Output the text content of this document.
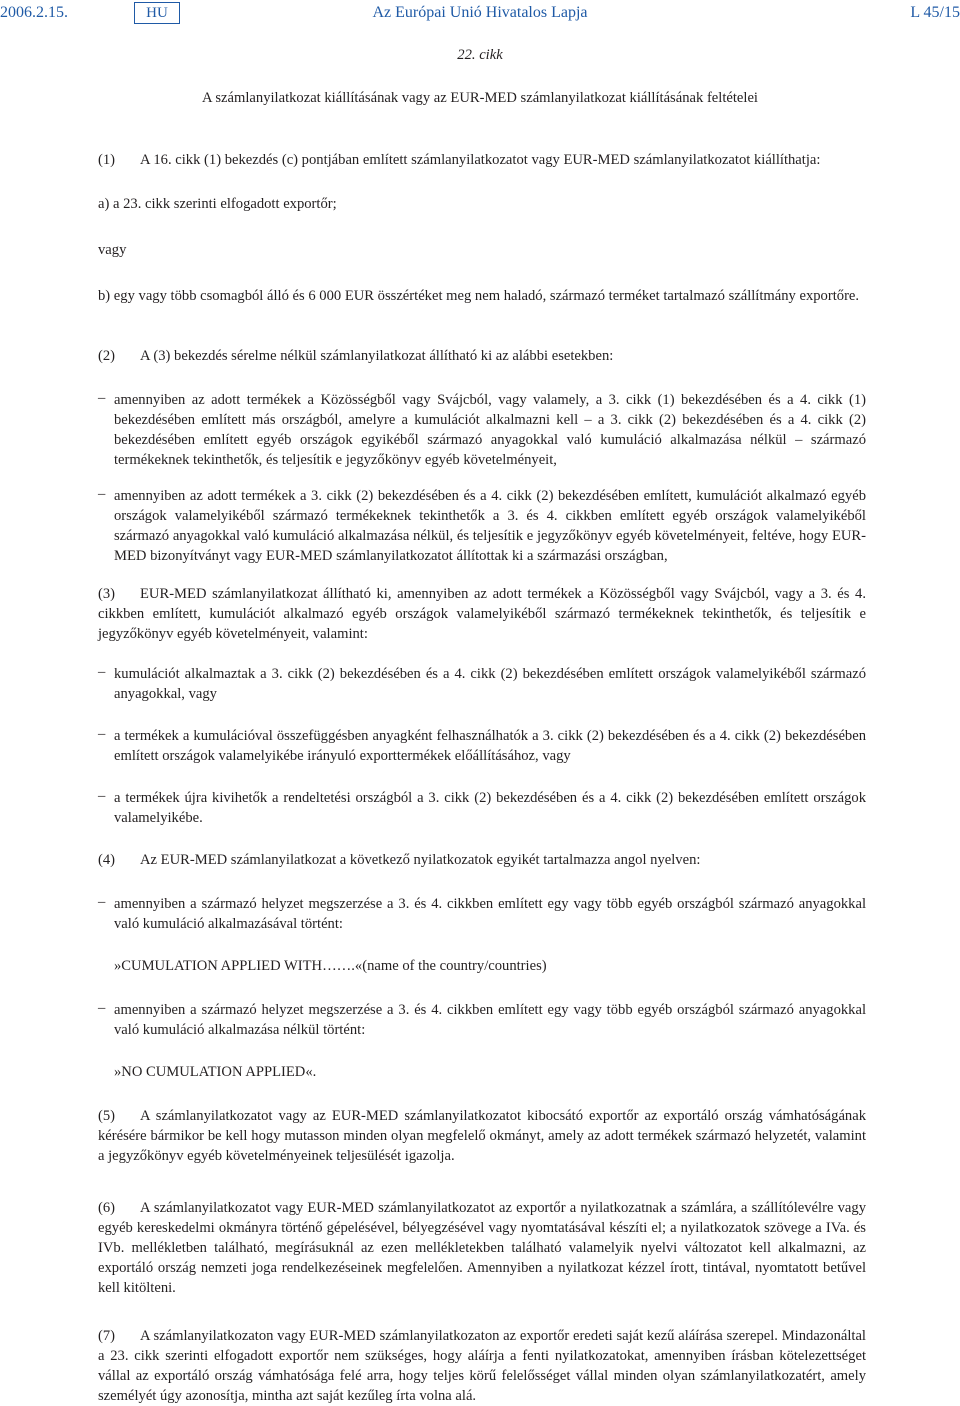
2006.2.15.	HU	Az Európai Unió Hivatalos Lapja	L 45/15
22. cikk
A számlanyilatkozat kiállításának vagy az EUR-MED számlanyilatkozat kiállításának feltételei
(1) A 16. cikk (1) bekezdés (c) pontjában említett számlanyilatkozatot vagy EUR-MED számlanyilatkozatot kiállíthatja:
a) a 23. cikk szerinti elfogadott exportőr;
vagy
b) egy vagy több csomagból álló és 6 000 EUR összértéket meg nem haladó, származó terméket tartalmazó szállítmány exportőre.
(2) A (3) bekezdés sérelme nélkül számlanyilatkozat állítható ki az alábbi esetekben:
– amennyiben az adott termékek a Közösségből vagy Svájcból, vagy valamely, a 3. cikk (1) bekezdésében és a 4. cikk (1) bekezdésében említett más országból, amelyre a kumulációt alkalmazni kell – a 3. cikk (2) bekezdésében és a 4. cikk (2) bekezdésében említett egyéb országok egyikéből származó anyagokkal való kumuláció alkalmazása nélkül – származó termékeknek tekinthetők, és teljesítik e jegyzőkönyv egyéb követelményeit,
– amennyiben az adott termékek a 3. cikk (2) bekezdésében és a 4. cikk (2) bekezdésében említett, kumulációt alkalmazó egyéb országok valamelyikéből származó termékeknek tekinthetők a 3. és 4. cikkben említett egyéb országok valamelyikéből származó anyagokkal való kumuláció alkalmazása nélkül, és teljesítik e jegyzőkönyv egyéb követelményeit, feltéve, hogy EUR-MED bizonyítványt vagy EUR-MED számlanyilatkozatot állítottak ki a származási országban,
(3) EUR-MED számlanyilatkozat állítható ki, amennyiben az adott termékek a Közösségből vagy Svájcból, vagy a 3. és 4. cikkben említett, kumulációt alkalmazó egyéb országok valamelyikéből származó termékeknek tekinthetők, és teljesítik e jegyzőkönyv egyéb követelményeit, valamint:
– kumulációt alkalmaztak a 3. cikk (2) bekezdésében és a 4. cikk (2) bekezdésében említett országok valamelyikéből származó anyagokkal, vagy
– a termékek a kumulációval összefüggésben anyagként felhasználhatók a 3. cikk (2) bekezdésében és a 4. cikk (2) bekezdésében említett országok valamelyikébe irányuló exporttermékek előállításához, vagy
– a termékek újra kivihetők a rendeltetési országból a 3. cikk (2) bekezdésében és a 4. cikk (2) bekezdésében említett országok valamelyikébe.
(4) Az EUR-MED számlanyilatkozat a következő nyilatkozatok egyikét tartalmazza angol nyelven:
– amennyiben a származó helyzet megszerzése a 3. és 4. cikkben említett egy vagy több egyéb országból származó anyagokkal való kumuláció alkalmazásával történt:
»CUMULATION APPLIED WITH…….«(name of the country/countries)
– amennyiben a származó helyzet megszerzése a 3. és 4. cikkben említett egy vagy több egyéb országból származó anyagokkal való kumuláció alkalmazása nélkül történt:
»NO CUMULATION APPLIED«.
(5) A számlanyilatkozatot vagy az EUR-MED számlanyilatkozatot kibocsátó exportőr az exportáló ország vámhatóságának kérésére bármikor be kell hogy mutasson minden olyan megfelelő okmányt, amely az adott termékek származó helyzetét, valamint a jegyzőkönyv egyéb követelményeinek teljesülését igazolja.
(6) A számlanyilatkozatot vagy EUR-MED számlanyilatkozatot az exportőr a nyilatkozatnak a számlára, a szállítólevélre vagy egyéb kereskedelmi okmányra történő gépelésével, bélyegzésével vagy nyomtatásával készíti el; a nyilatkozatok szövege a IVa. és IVb. mellékletben található, megírásuknál az ezen mellékletekben található valamelyik nyelvi változatot kell alkalmazni, az exportáló ország nemzeti joga rendelkezéseinek megfelelően. Amennyiben a nyilatkozat kézzel írott, tintával, nyomtatott betűvel kell kitölteni.
(7) A számlanyilatkozaton vagy EUR-MED számlanyilatkozaton az exportőr eredeti saját kezű aláírása szerepel. Mindazonáltal a 23. cikk szerinti elfogadott exportőr nem szükséges, hogy aláírja a fenti nyilatkozatokat, amennyiben írásban kötelezettséget vállal az exportáló ország vámhatósága felé arra, hogy teljes körű felelősséget vállal minden olyan számlanyilatkozatért, amely személyét úgy azonosítja, mintha azt saját kezűleg írta volna alá.
